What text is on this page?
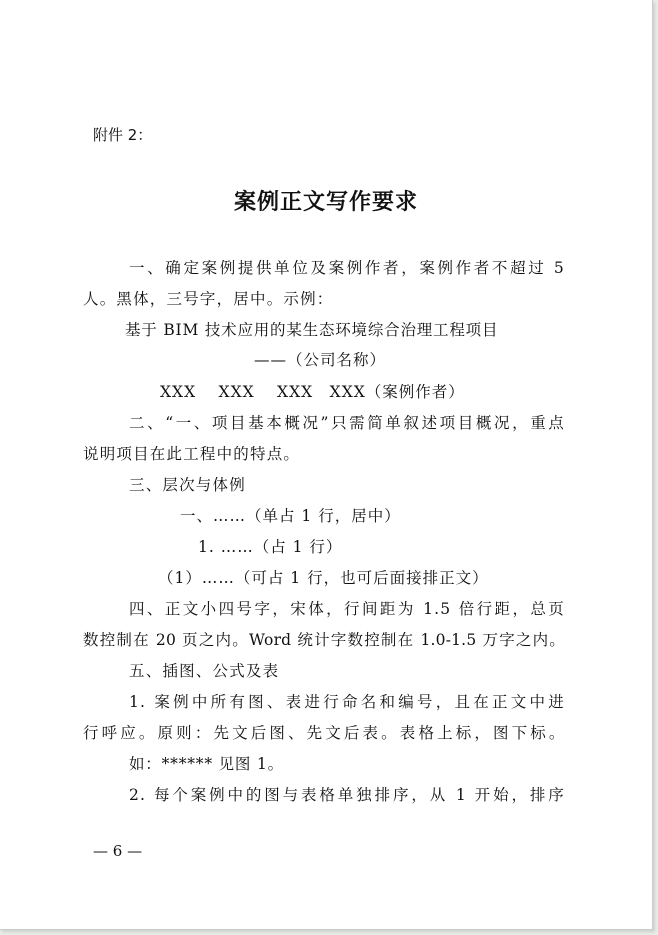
附件 2：
案例正文写作要求
一、确定案例提供单位及案例作者，案例作者不超过 5
人。黑体，三号字，居中。示例：
基于 BIM 技术应用的某生态环境综合治理工程项目
——（公司名称）
XXX　 XXX　 XXX　XXX（案例作者）
二、“一、项目基本概况”只需简单叙述项目概况，重点
说明项目在此工程中的特点。
三、层次与体例
一、……（单占 1 行，居中）
1. ……（占 1 行）
（1）……（可占 1 行，也可后面接排正文）
四、正文小四号字，宋体，行间距为 1.5 倍行距，总页
数控制在 20 页之内。Word 统计字数控制在 1.0-1.5 万字之内。
五、插图、公式及表
1. 案例中所有图、表进行命名和编号，且在正文中进
行呼应。原则：先文后图、先文后表。表格上标，图下标。
如：****** 见图 1。
2. 每个案例中的图与表格单独排序，从 1 开始，排序
— 6 —
